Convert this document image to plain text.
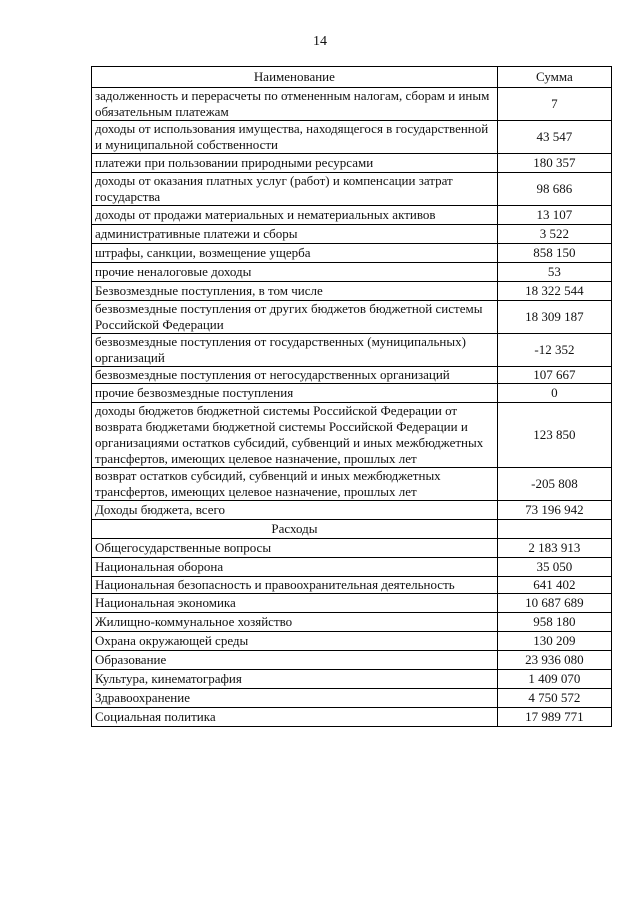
14
Наименование	Сумма
задолженность и перерасчеты по отмененным налогам, сборам и иным обязательным платежам	7
доходы от использования имущества, находящегося в государственной и муниципальной собственности	43 547
платежи при пользовании природными ресурсами	180 357
доходы от оказания платных услуг (работ) и компенсации затрат государства	98 686
доходы от продажи материальных и нематериальных активов	13 107
административные платежи и сборы	3 522
штрафы, санкции, возмещение ущерба	858 150
прочие неналоговые доходы	53
Безвозмездные поступления, в том числе	18 322 544
безвозмездные поступления от других бюджетов бюджетной системы Российской Федерации	18 309 187
безвозмездные поступления от государственных (муниципальных) организаций	-12 352
безвозмездные поступления от негосударственных организаций	107 667
прочие безвозмездные поступления	0
доходы бюджетов бюджетной системы Российской Федерации от возврата бюджетами бюджетной системы Российской Федерации и организациями остатков субсидий, субвенций и иных межбюджетных трансфертов, имеющих целевое назначение, прошлых лет	123 850
возврат остатков субсидий, субвенций и иных межбюджетных трансфертов, имеющих целевое назначение, прошлых лет	-205 808
Доходы бюджета, всего	73 196 942
Расходы	
Общегосударственные вопросы	2 183 913
Национальная оборона	35 050
Национальная безопасность и правоохранительная деятельность	641 402
Национальная экономика	10 687 689
Жилищно-коммунальное хозяйство	958 180
Охрана окружающей среды	130 209
Образование	23 936 080
Культура, кинематография	1 409 070
Здравоохранение	4 750 572
Социальная политика	17 989 771
